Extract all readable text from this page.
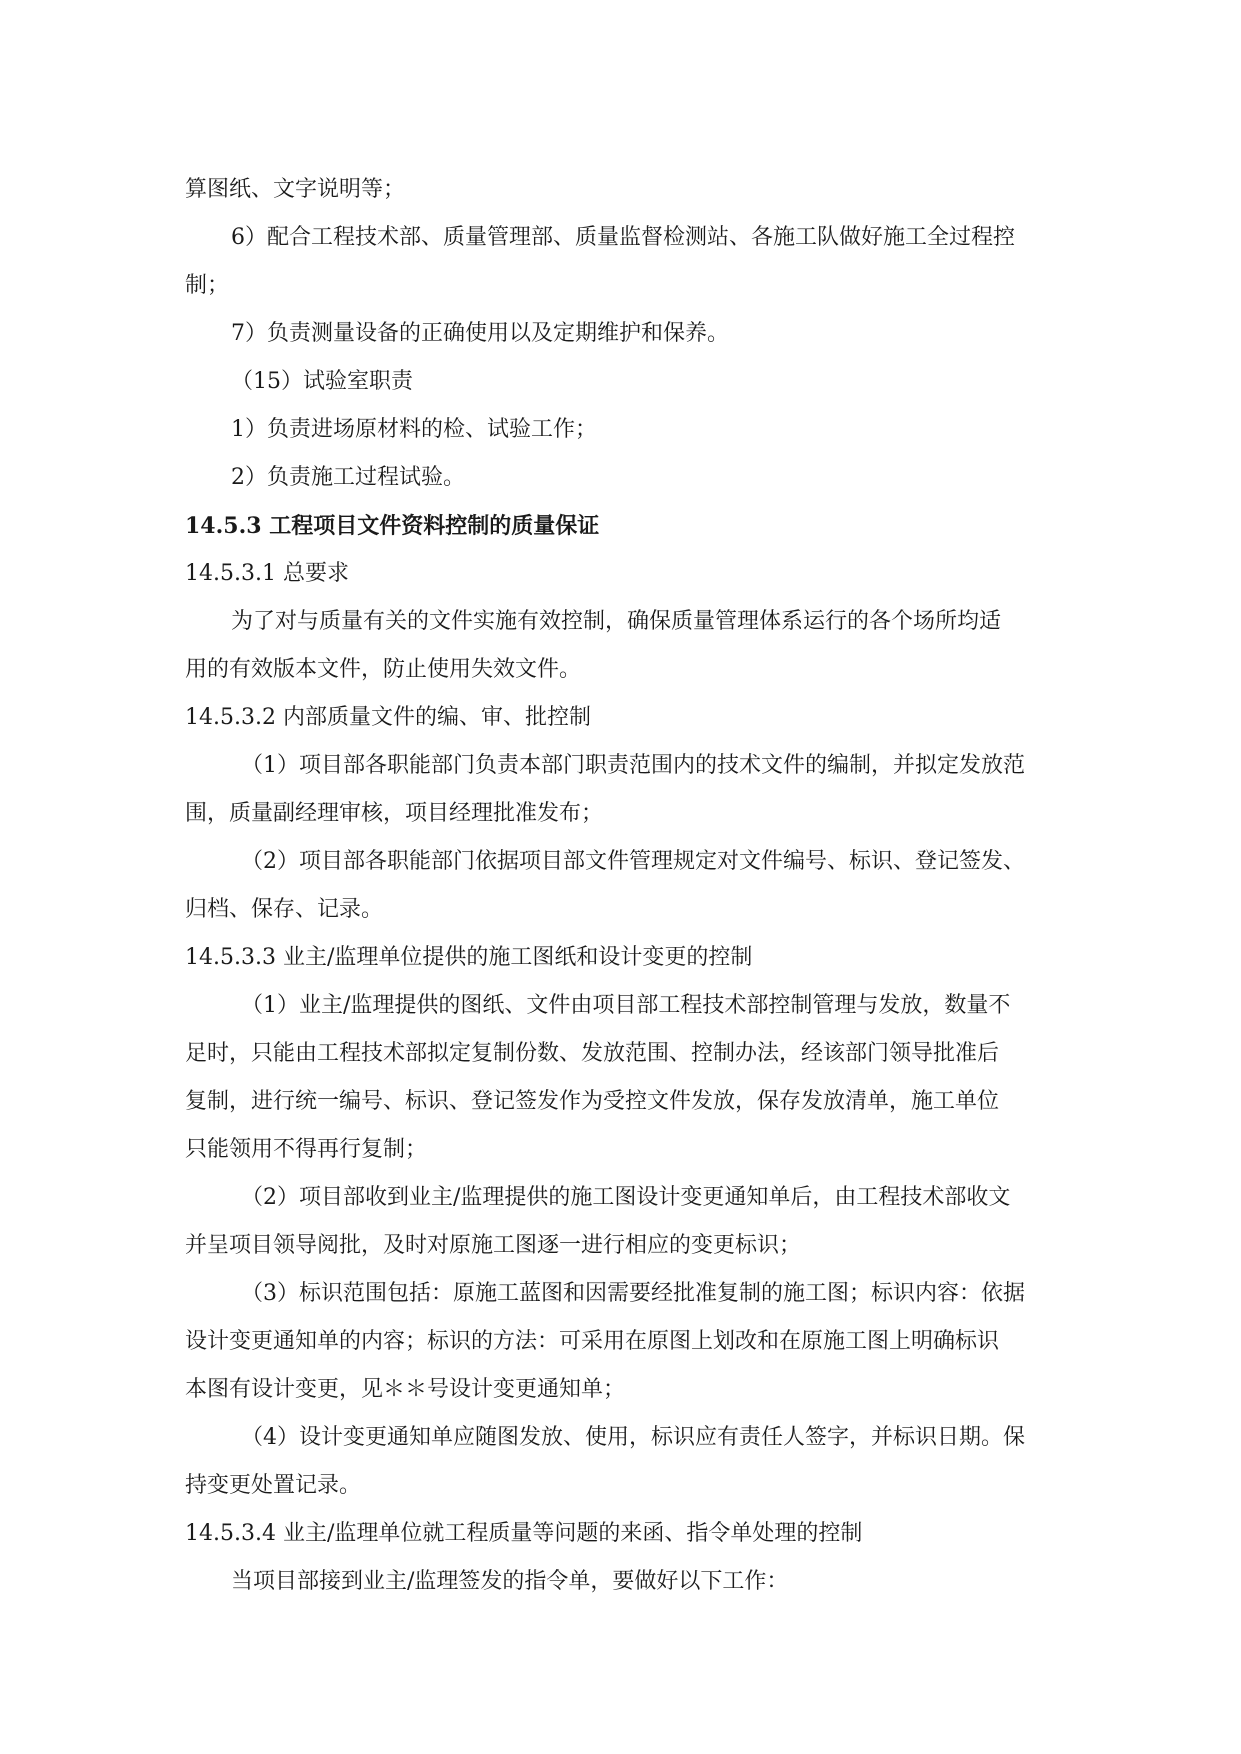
算图纸、文字说明等；

6）配合工程技术部、质量管理部、质量监督检测站、各施工队做好施工全过程控

制；

7）负责测量设备的正确使用以及定期维护和保养。

（15）试验室职责

1）负责进场原材料的检、试验工作；

2）负责施工过程试验。

14.5.3 工程项目文件资料控制的质量保证

14.5.3.1 总要求

为了对与质量有关的文件实施有效控制，确保质量管理体系运行的各个场所均适

用的有效版本文件，防止使用失效文件。

14.5.3.2 内部质量文件的编、审、批控制

（1）项目部各职能部门负责本部门职责范围内的技术文件的编制，并拟定发放范

围，质量副经理审核，项目经理批准发布；

（2）项目部各职能部门依据项目部文件管理规定对文件编号、标识、登记签发、

归档、保存、记录。

14.5.3.3 业主/监理单位提供的施工图纸和设计变更的控制

（1）业主/监理提供的图纸、文件由项目部工程技术部控制管理与发放，数量不

足时，只能由工程技术部拟定复制份数、发放范围、控制办法，经该部门领导批准后

复制，进行统一编号、标识、登记签发作为受控文件发放，保存发放清单，施工单位

只能领用不得再行复制；

（2）项目部收到业主/监理提供的施工图设计变更通知单后，由工程技术部收文

并呈项目领导阅批，及时对原施工图逐一进行相应的变更标识；

（3）标识范围包括：原施工蓝图和因需要经批准复制的施工图；标识内容：依据

设计变更通知单的内容；标识的方法：可采用在原图上划改和在原施工图上明确标识

本图有设计变更，见＊＊号设计变更通知单；

（4）设计变更通知单应随图发放、使用，标识应有责任人签字，并标识日期。保

持变更处置记录。

14.5.3.4 业主/监理单位就工程质量等问题的来函、指令单处理的控制

当项目部接到业主/监理签发的指令单，要做好以下工作：
